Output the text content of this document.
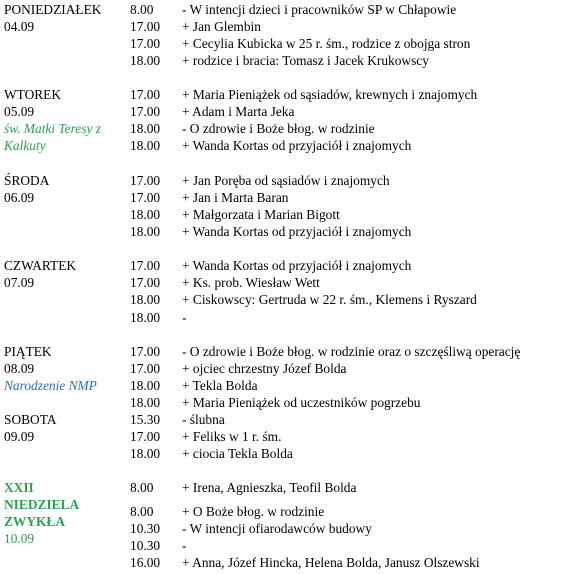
PONIEDZIAŁEK
04.09
8.00 - W intencji dzieci i pracowników SP w Chłapowie
17.00 + Jan Glembin
17.00 + Cecylia Kubicka w 25 r. śm., rodzice z obojga stron
18.00 + rodzice i bracia: Tomasz i Jacek Krukowscy
WTOREK
05.09
św. Matki Teresy z Kalkuty
17.00 + Maria Pieniążek od sąsiadów, krewnych i znajomych
17.00 + Adam i Marta Jeka
18.00 - O zdrowie i Boże błog. w rodzinie
18.00 + Wanda Kortas od przyjaciół i znajomych
ŚRODA
06.09
17.00 + Jan Poręba od sąsiadów i znajomych
17.00 + Jan i Marta Baran
18.00 + Małgorzata i Marian Bigott
18.00 + Wanda Kortas od przyjaciół i znajomych
CZWARTEK
07.09
17.00 + Wanda Kortas od przyjaciół i znajomych
17.00 + Ks. prob. Wiesław Wett
18.00 + Ciskowscy: Gertruda w 22 r. śm., Klemens i Ryszard
18.00 -
PIĄTEK
08.09
Narodzenie NMP
17.00 - O zdrowie i Boże błog. w rodzinie oraz o szczęśliwą operację
17.00 + ojciec chrzestny Józef Bolda
18.00 + Tekla Bolda
18.00 + Maria Pieniążek od uczestników pogrzebu
SOBOTA
09.09
15.30 - ślubna
17.00 + Feliks w 1 r. śm.
18.00 + ciocia Tekla Bolda
XXII
NIEDZIELA
ZWYKŁA
10.09
8.00 + Irena, Agnieszka, Teofil Bolda
8.00 + O Boże błog. w rodzinie
10.30 - W intencji ofiarodawców budowy
10.30 -
16.00 + Anna, Józef Hincka, Helena Bolda, Janusz Olszewski
